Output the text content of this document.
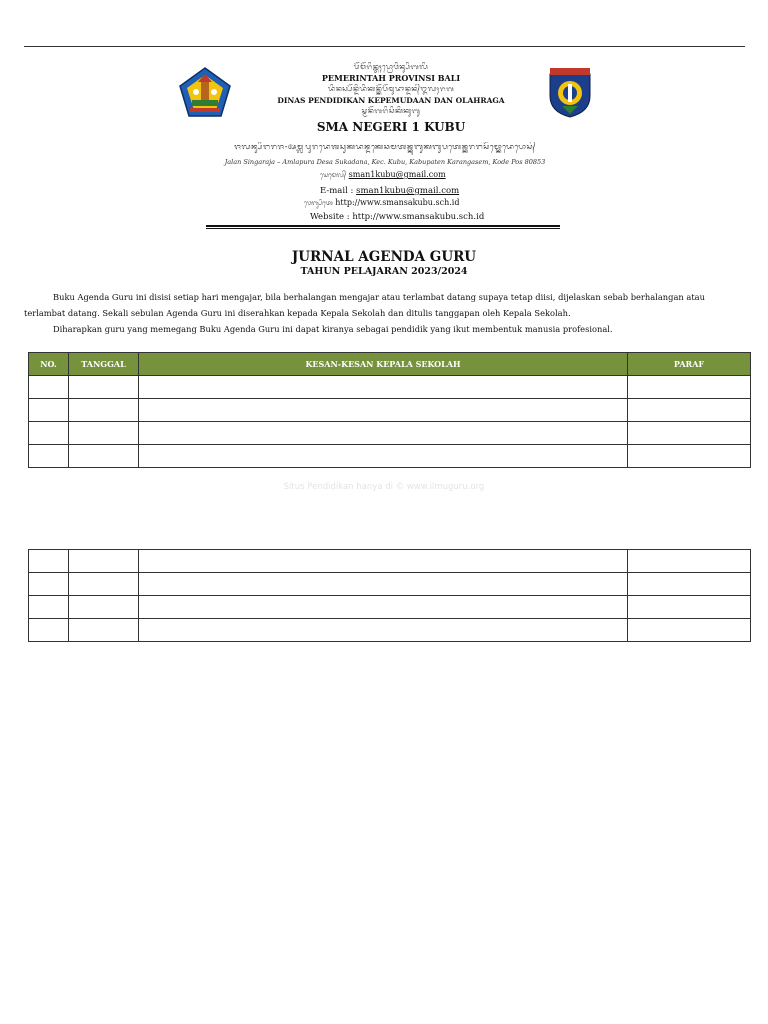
ᬧᭂᬫᭂᬭᬶᬦ᭄ᬢᬄᬧ᭄ᬭᭀᬯᬶᬦ᭄ᬲᬶᬩᬮᬶ
PEMERINTAH PROVINSI BALI
ᬤᬶᬦᬲ᭄ᬧᭂᬦ᭄ᬤᬶᬤᬶᬓᬦ᭄ᬓᭂᬧᭂᬫᬸᬤᬵᬦ᭄ᬤᬦ᭄ᬑᬮᬄᬭᬕ
DINAS PENDIDIKAN KEPEMUDAAN DAN OLAHRAGA
ᬲ᭄ᬫᬦᭂᬕᬭᬶᬲᬶᬓᬶᬓᬸᬩᬸ
SMA NEGERI 1 KUBU
ᬚᬮᬦ᭄ᬲᬶᬗᬭᬚ-ᬅᬫ᭄ᬮᬧᬸᬭᬤᬾᬰᬲᬸᬓᬤᬦ᭄ᬤᬓᬾᬘᬫᬢᬦ᭄ᬓᬸᬩᬸᬓᬩᬸᬧᬢᬾᬦ᭄ᬓᬭᬗᬲᭂᬫ᭄ᬓᭀᬤᬾᬧᭀᬲ᭄
Jalan Singaraja – Amlapura Desa Sukadana, Kec. Kubu, Kabupaten Karangasem, Kode Pos 80853
ᬬᬾᬫᬾᬮ᭄ sman1kubu@gmail.com
E-mail : sman1kubu@gmail.com
ᬯᬾᬩ᭄ᬲᬶᬢᬾ http://www.smansakubu.sch.id
Website : http://www.smansakubu.sch.id
JURNAL AGENDA GURU
TAHUN PELAJARAN 2023/2024
Buku Agenda Guru ini disisi setiap hari mengajar, bila berhalangan mengajar atau terlambat datang supaya tetap diisi, dijelaskan sebab berhalangan atau terlambat datang. Sekali sebulan Agenda Guru ini diserahkan kepada Kepala Sekolah dan ditulis tanggapan oleh Kepala Sekolah.
Diharapkan guru yang memegang Buku Agenda Guru ini dapat kiranya sebagai pendidik yang ikut membentuk manusia profesional.
NO.	TANGGAL	KESAN-KESAN KEPALA SEKOLAH	PARAF

Situs Pendidikan hanya di © www.ilmuguru.org
